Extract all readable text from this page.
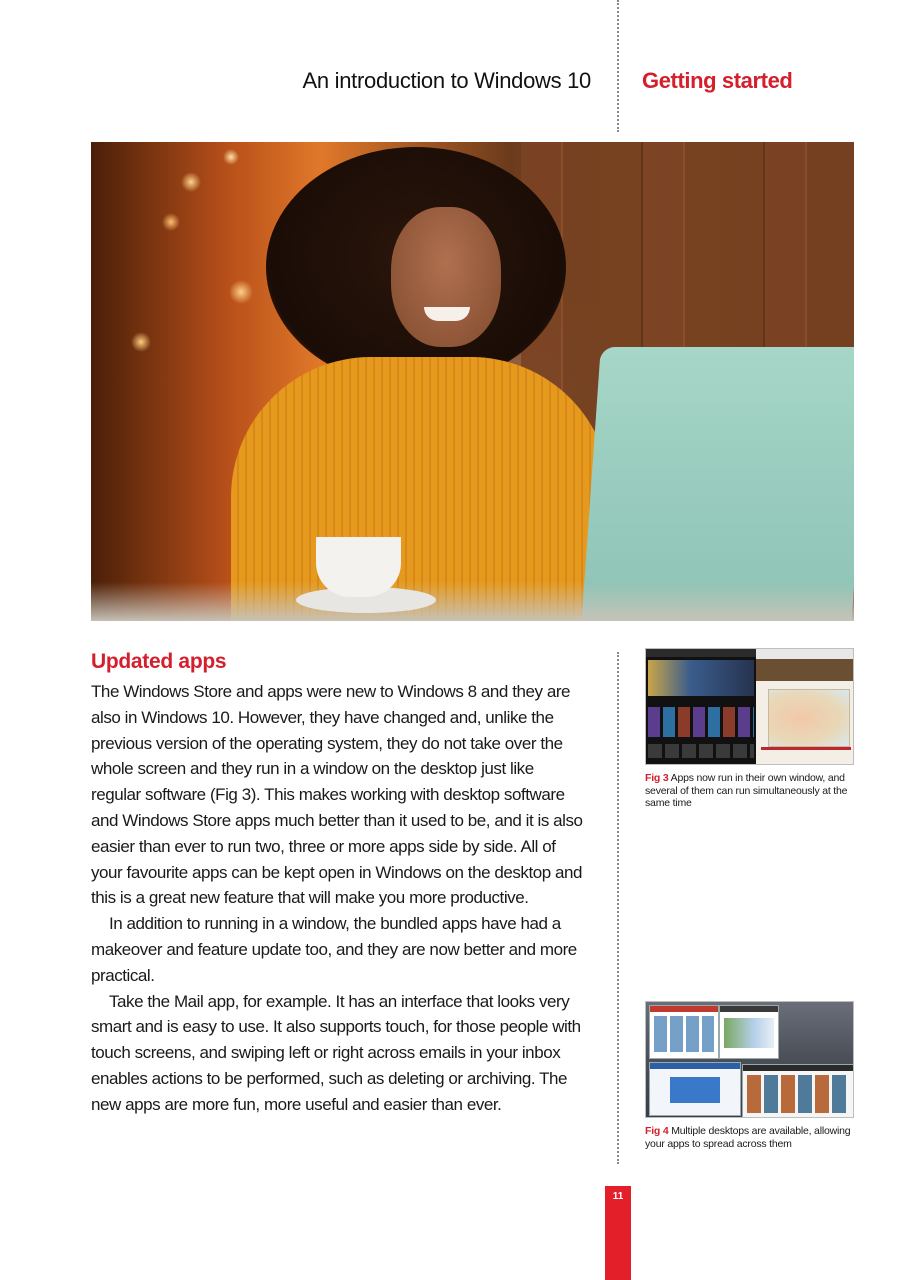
An introduction to Windows 10 Getting started
Updated apps

The Windows Store and apps were new to Windows 8 and they are also in Windows 10. However, they have changed and, unlike the previous version of the operating system, they do not take over the whole screen and they run in a window on the desktop just like regular software (Fig 3). This makes working with desktop software and Windows Store apps much better than it used to be, and it is also easier than ever to run two, three or more apps side by side. All of your favourite apps can be kept open in Windows on the desktop and this is a great new feature that will make you more productive.

In addition to running in a window, the bundled apps have had a makeover and feature update too, and they are now better and more practical.

Take the Mail app, for example. It has an interface that looks very smart and is easy to use. It also supports touch, for those people with touch screens, and swiping left or right across emails in your inbox enables actions to be performed, such as deleting or archiving. The new apps are more fun, more useful and easier than ever.

Fig 3 Apps now run in their own window, and several of them can run simultaneously at the same time
Fig 4 Multiple desktops are available, allowing your apps to spread across them
11
